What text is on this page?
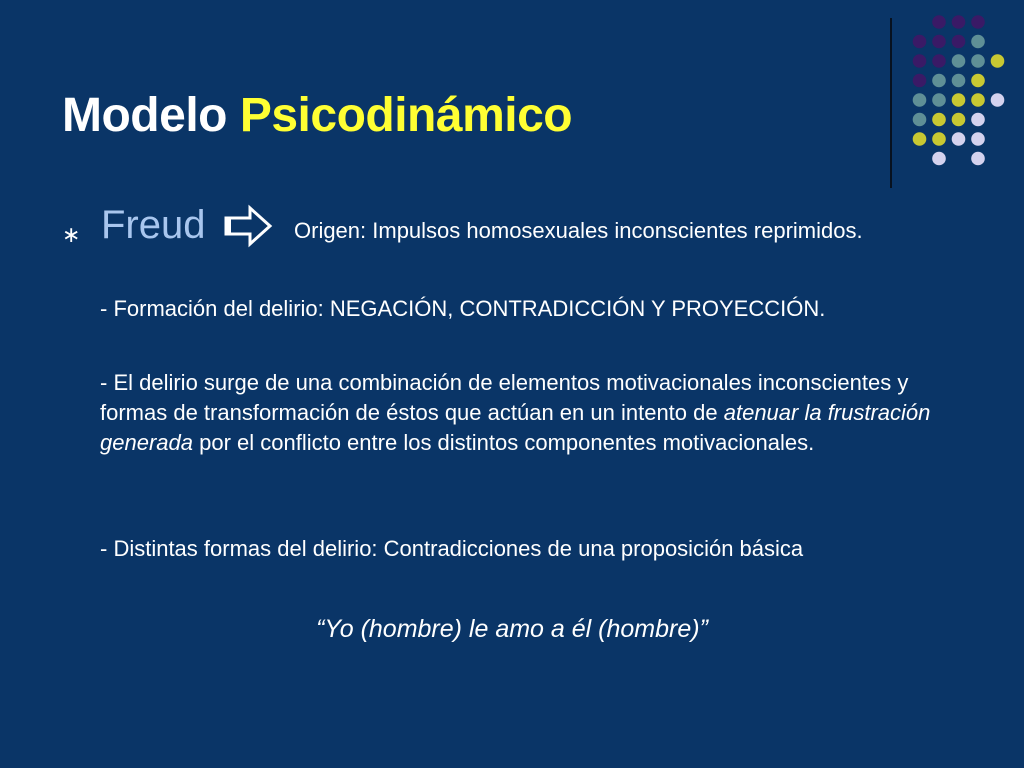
Modelo Psicodinámico
∗ Freud	Origen: Impulsos homosexuales inconscientes reprimidos.
- Formación del delirio: NEGACIÓN, CONTRADICCIÓN Y PROYECCIÓN.
- El delirio surge de una combinación de elementos motivacionales inconscientes y formas de transformación de éstos que actúan en un intento de atenuar la frustración generada por el conflicto entre los distintos componentes motivacionales.
- Distintas formas del delirio: Contradicciones de una proposición básica
“Yo (hombre) le amo a él (hombre)”
